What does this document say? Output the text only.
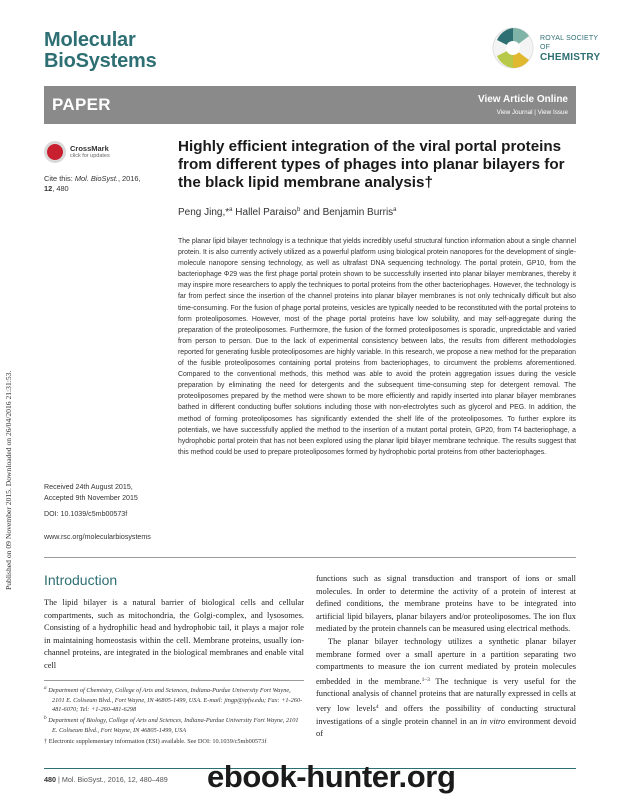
Published on 09 November 2015. Downloaded on 26/04/2016 21:31:53.
Molecular
BioSystems
ROYAL SOCIETY
OF
CHEMISTRY
PAPER	View Article Online
View Journal | View Issue
CrossMark
click for updates
Cite this: Mol. BioSyst., 2016,
12, 480
Highly efficient integration of the viral portal proteins from different types of phages into planar bilayers for the black lipid membrane analysis†
Peng Jing,*$^a$ Hallel Paraiso$^b$ and Benjamin Burris$^a$
The planar lipid bilayer technology is a technique that yields incredibly useful structural function information about a single channel protein. It is also currently actively utilized as a powerful platform using biological protein nanopores for the development of single-molecule nanopore sensing technology, as well as ultrafast DNA sequencing technology. The portal protein, GP10, from the bacteriophage Φ29 was the first phage portal protein shown to be successfully inserted into planar bilayer membranes, thereby it may inspire more researchers to apply the techniques to portal proteins from the other bacteriophages. However, the technology is far from perfect since the insertion of the channel proteins into planar bilayer membranes is not only technically difficult but also time-consuming. For the fusion of phage portal proteins, vesicles are typically needed to be reconstituted with the portal proteins to form proteoliposomes. However, most of the phage portal proteins have low solubility, and may self-aggregate during the preparation of the proteoliposomes. Furthermore, the fusion of the formed proteoliposomes is sporadic, unpredictable and varied from person to person. Due to the lack of experimental consistency between labs, the results from different methodologies reported for generating fusible proteoliposomes are highly variable. In this research, we propose a new method for the preparation of the fusible proteoliposomes containing portal proteins from bacteriophages, to circumvent the problems aforementioned. Compared to the conventional methods, this method was able to avoid the protein aggregation issues during the vesicle preparation by eliminating the need for detergents and the subsequent time-consuming step for detergent removal. The proteoliposomes prepared by the method were shown to be more efficiently and rapidly inserted into planar bilayer membranes bathed in different conducting buffer solutions including those with non-electrolytes such as glycerol and PEG. In addition, the method of forming proteoliposomes has significantly extended the shelf life of the proteoliposomes. To further explore its potentials, we have successfully applied the method to the insertion of a mutant portal protein, GP20, from T4 bacteriophage, a hydrophobic portal protein that has not been explored using the planar lipid bilayer membrane technique. The results suggest that this method could be used to prepare proteoliposomes formed by hydrophobic portal proteins from other bacteriophages.
Received 24th August 2015,
Accepted 9th November 2015
DOI: 10.1039/c5mb00573f
www.rsc.org/molecularbiosystems
Introduction

The lipid bilayer is a natural barrier of biological cells and cellular compartments, such as mitochondria, the Golgi-complex, and lysosomes. Consisting of a hydrophilic head and hydrophobic tail, it plays a major role in maintaining homeostasis within the cell. Membrane proteins, usually ion-channel proteins, are integrated in the biological membranes and enable vital cell

functions such as signal transduction and transport of ions or small molecules. In order to determine the activity of a protein of interest at defined conditions, the membrane proteins have to be integrated into artificial lipid bilayers, planar bilayers and/or proteoliposomes. The ion flux mediated by the protein channels can be measured using electrical methods.

The planar bilayer technology utilizes a synthetic planar bilayer membrane formed over a small aperture in a partition separating two compartments to measure the ion current mediated by protein molecules embedded in the membrane.$^{1-3}$ The technique is very useful for the functional analysis of channel proteins that are naturally expressed in cells at very low levels$^4$ and offers the possibility of conducting structural investigations of a single protein channel in an in vitro environment devoid of

$^a$ Department of Chemistry, College of Arts and Sciences, Indiana-Purdue University Fort Wayne, 2101 E. Coliseum Blvd., Fort Wayne, IN 46805-1499, USA. E-mail: jingp@ipfw.edu; Fax: +1-260-481-6070; Tel: +1-260-481-6298
$^b$ Department of Biology, College of Arts and Sciences, Indiana-Purdue University Fort Wayne, 2101 E. Coliseum Blvd., Fort Wayne, IN 46805-1499, USA
† Electronic supplementary information (ESI) available. See DOI: 10.1039/c5mb00573f
480 | Mol. BioSyst., 2016, 12, 480–489 ebook-hunter.org
